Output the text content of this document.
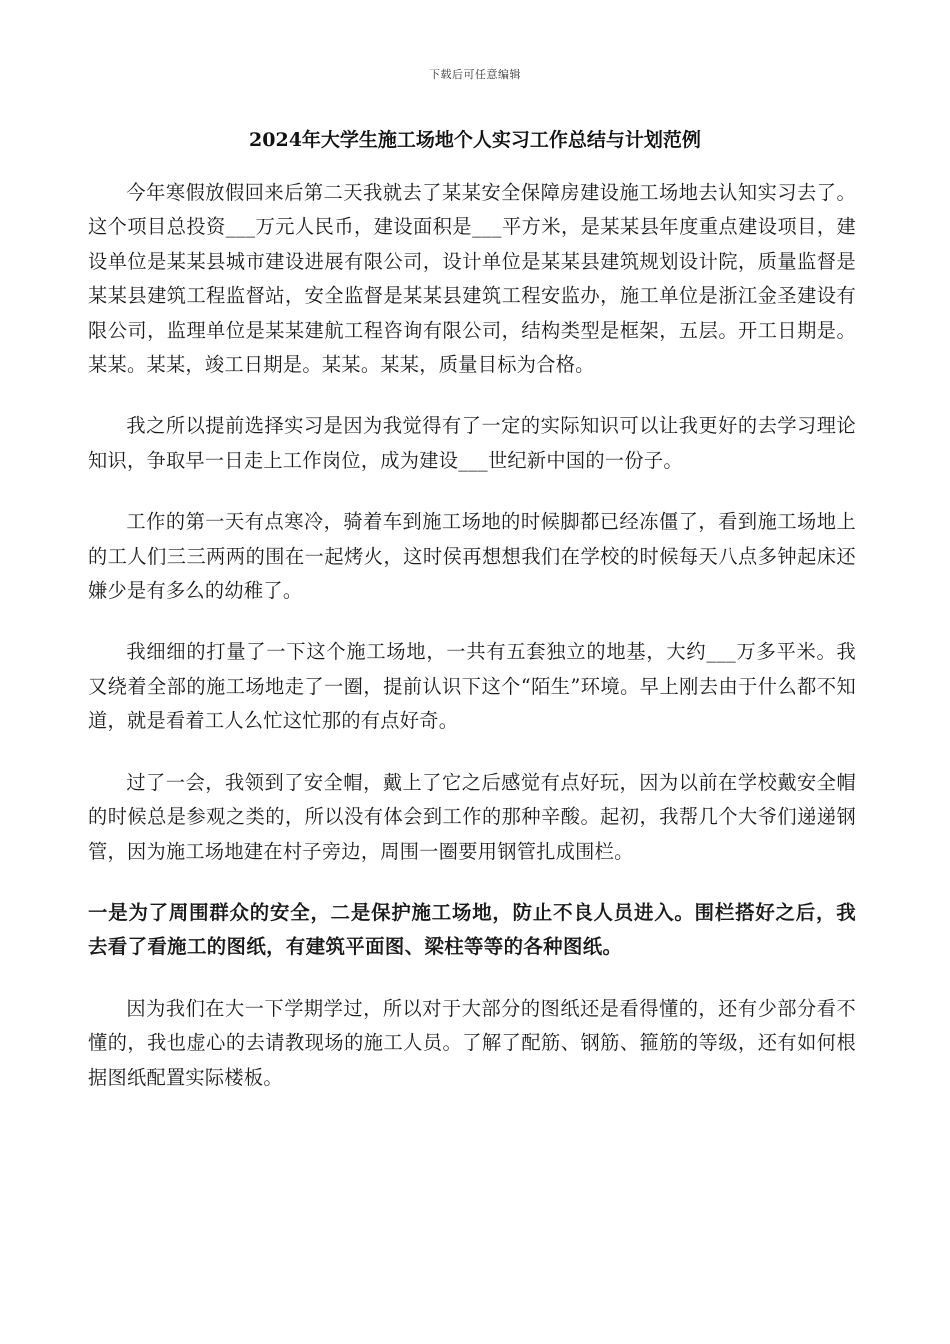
下载后可任意编辑
2024年大学生施工场地个人实习工作总结与计划范例

今年寒假放假回来后第二天我就去了某某安全保障房建设施工场地去认知实习去了。这个项目总投资___万元人民币，建设面积是___平方米，是某某县年度重点建设项目，建设单位是某某县城市建设进展有限公司，设计单位是某某县建筑规划设计院，质量监督是某某县建筑工程监督站，安全监督是某某县建筑工程安监办，施工单位是浙江金圣建设有限公司，监理单位是某某建航工程咨询有限公司，结构类型是框架，五层。开工日期是。某某。某某，竣工日期是。某某。某某，质量目标为合格。

我之所以提前选择实习是因为我觉得有了一定的实际知识可以让我更好的去学习理论知识，争取早一日走上工作岗位，成为建设___世纪新中国的一份子。

工作的第一天有点寒冷，骑着车到施工场地的时候脚都已经冻僵了，看到施工场地上的工人们三三两两的围在一起烤火，这时侯再想想我们在学校的时候每天八点多钟起床还嫌少是有多么的幼稚了。

我细细的打量了一下这个施工场地，一共有五套独立的地基，大约___万多平米。我又绕着全部的施工场地走了一圈，提前认识下这个“陌生”环境。早上刚去由于什么都不知道，就是看着工人么忙这忙那的有点好奇。

过了一会，我领到了安全帽，戴上了它之后感觉有点好玩，因为以前在学校戴安全帽的时候总是参观之类的，所以没有体会到工作的那种辛酸。起初，我帮几个大爷们递递钢管，因为施工场地建在村子旁边，周围一圈要用钢管扎成围栏。

一是为了周围群众的安全，二是保护施工场地，防止不良人员进入。围栏搭好之后，我去看了看施工的图纸，有建筑平面图、梁柱等等的各种图纸。

因为我们在大一下学期学过，所以对于大部分的图纸还是看得懂的，还有少部分看不懂的，我也虚心的去请教现场的施工人员。了解了配筋、钢筋、箍筋的等级，还有如何根据图纸配置实际楼板。
